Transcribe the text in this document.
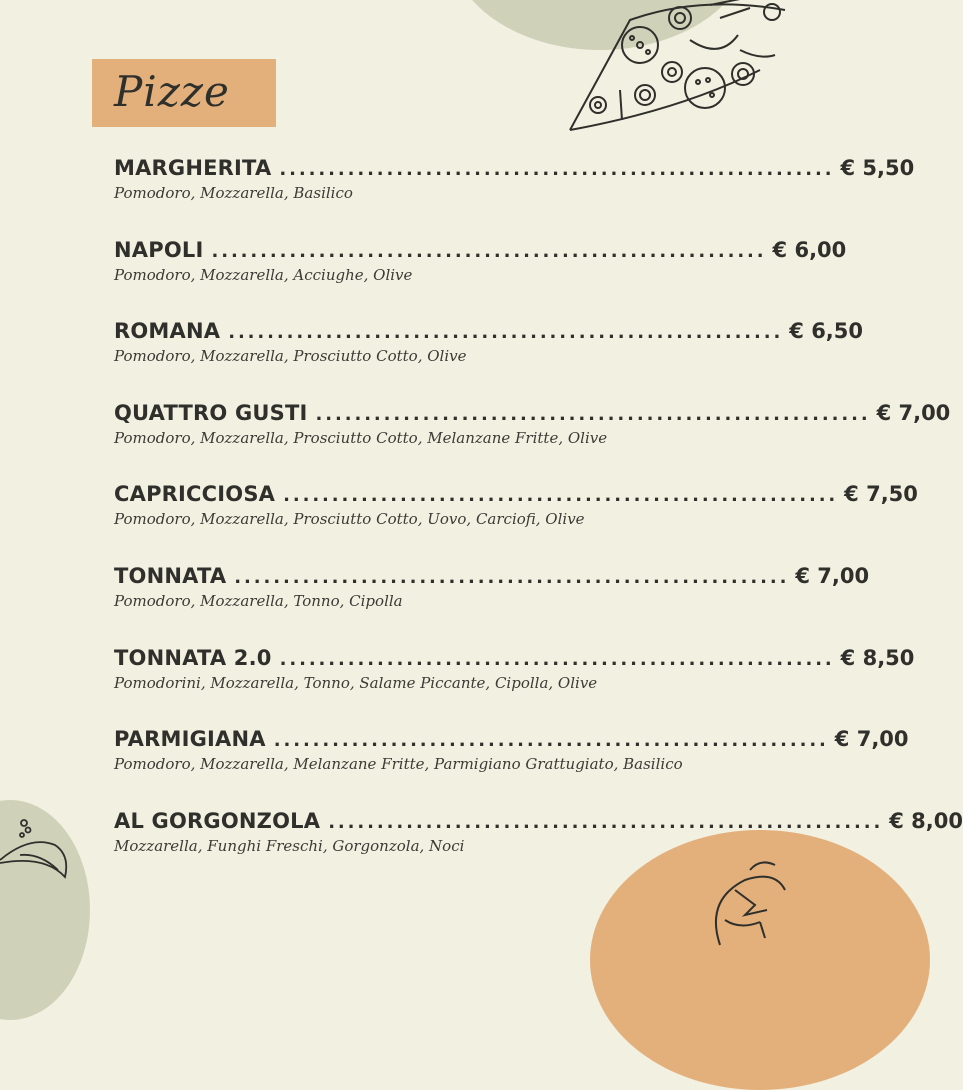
Pizze
MARGHERITA ......................................................... € 5,50
Pomodoro, Mozzarella, Basilico
NAPOLI ......................................................... € 6,00
Pomodoro, Mozzarella, Acciughe, Olive
ROMANA ......................................................... € 6,50
Pomodoro, Mozzarella, Prosciutto Cotto, Olive
QUATTRO GUSTI ......................................................... € 7,00
Pomodoro, Mozzarella, Prosciutto Cotto, Melanzane Fritte, Olive
CAPRICCIOSA ......................................................... € 7,50
Pomodoro, Mozzarella, Prosciutto Cotto, Uovo, Carciofi, Olive
TONNATA ......................................................... € 7,00
Pomodoro, Mozzarella, Tonno, Cipolla
TONNATA 2.0 ......................................................... € 8,50
Pomodorini, Mozzarella, Tonno, Salame Piccante, Cipolla, Olive
PARMIGIANA ......................................................... € 7,00
Pomodoro, Mozzarella, Melanzane Fritte, Parmigiano Grattugiato, Basilico
AL GORGONZOLA ......................................................... € 8,00
Mozzarella, Funghi Freschi, Gorgonzola, Noci
